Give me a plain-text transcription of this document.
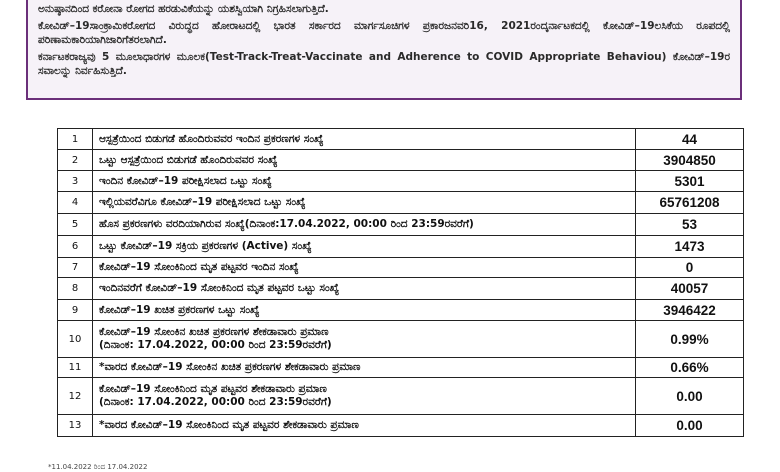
ಅನುಷ್ಠಾನದಿಂದ ಕರೋನಾ ರೋಗದ ಹರಡುವಿಕೆಯನ್ನು ಯಶಸ್ವಿಯಾಗಿ ನಿಗ್ರಹಿಸಲಾಗುತ್ತಿದೆ.

ಕೋವಿಡ್–19ಸಾಂಕ್ರಾಮಿಕರೋಗದ ವಿರುದ್ಧದ ಹೋರಾಟದಲ್ಲಿ ಭಾರತ ಸರ್ಕಾರದ ಮಾರ್ಗಸೂಚಿಗಳ ಪ್ರಕಾರಜನವರಿ16, 2021ರಂದ್ಕರ್ನಾಟಕದಲ್ಲಿ ಕೋವಿಡ್–19ಲಸಿಕೆಯ ರೂಪದಲ್ಲಿ ಪರಿಣಾಮಕಾರಿಯಾಗಿಜಾರಿಗೆತರಲಾಗಿದೆ.

ಕರ್ನಾಟಕರಾಜ್ಯವು 5 ಮೂಲಾಧಾರಗಳ ಮೂಲಕ(Test-Track-Treat-Vaccinate and Adherence to COVID Appropriate Behaviou) ಕೋವಿಡ್–19ರ ಸವಾಲನ್ನು ನಿರ್ವಹಿಸುತ್ತಿದೆ.

1	ಆಸ್ಪತ್ರೆಯಿಂದ ಬಿಡುಗಡೆ ಹೊಂದಿರುವವರ ಇಂದಿನ ಪ್ರಕರಣಗಳ ಸಂಖ್ಯೆ	44
2	ಒಟ್ಟು ಆಸ್ಪತ್ರೆಯಿಂದ ಬಿಡುಗಡೆ ಹೊಂದಿರುವವರ ಸಂಖ್ಯೆ	3904850
3	ಇಂದಿನ ಕೋವಿಡ್–19 ಪರೀಕ್ಷಿಸಲಾದ ಒಟ್ಟು ಸಂಖ್ಯೆ	5301
4	ಇಲ್ಲಿಯವರೆವಿಗೂ ಕೋವಿಡ್–19 ಪರೀಕ್ಷಿಸಲಾದ ಒಟ್ಟು ಸಂಖ್ಯೆ	65761208
5	ಹೊಸ ಪ್ರಕರಣಗಳು ವರದಿಯಾಗಿರುವ ಸಂಖ್ಯೆ(ದಿನಾಂಕ:17.04.2022, 00:00 ರಿಂದ 23:59ರವರೆಗೆ)	53
6	ಒಟ್ಟು ಕೋವಿಡ್–19 ಸಕ್ರಿಯ ಪ್ರಕರಣಗಳ (Active) ಸಂಖ್ಯೆ	1473
7	ಕೋವಿಡ್–19 ಸೋಂಕಿನಿಂದ ಮೃತ ಪಟ್ಟವರ ಇಂದಿನ ಸಂಖ್ಯೆ	0
8	ಇಂದಿನವರೆಗೆ ಕೋವಿಡ್–19 ಸೋಂಕಿನಿಂದ ಮೃತ ಪಟ್ಟವರ ಒಟ್ಟು ಸಂಖ್ಯೆ	40057
9	ಕೋವಿಡ್–19 ಖಚಿತ ಪ್ರಕರಣಗಳ ಒಟ್ಟು ಸಂಖ್ಯೆ	3946422
10	ಕೋವಿಡ್–19 ಸೋಂಕಿನ ಖಚಿತ ಪ್ರಕರಣಗಳ ಶೇಕಡಾವಾರು ಪ್ರಮಾಣ
(ದಿನಾಂಕ: 17.04.2022, 00:00 ರಿಂದ 23:59ರವರೆಗೆ)	0.99%
11	*ವಾರದ ಕೋವಿಡ್–19 ಸೋಂಕಿನ ಖಚಿತ ಪ್ರಕರಣಗಳ ಶೇಕಡಾವಾರು ಪ್ರಮಾಣ	0.66%
12	ಕೋವಿಡ್–19 ಸೋಂಕಿನಿಂದ ಮೃತ ಪಟ್ಟವರ ಶೇಕಡಾವಾರು ಪ್ರಮಾಣ
(ದಿನಾಂಕ: 17.04.2022, 00:00 ರಿಂದ 23:59ರವರೆಗೆ)	0.00
13	*ವಾರದ ಕೋವಿಡ್–19 ಸೋಂಕಿನಿಂದ ಮೃತ ಪಟ್ಟವರ ಶೇಕಡಾವಾರು ಪ್ರಮಾಣ	0.00
*11.04.2022 ರಿಂದ 17.04.2022
